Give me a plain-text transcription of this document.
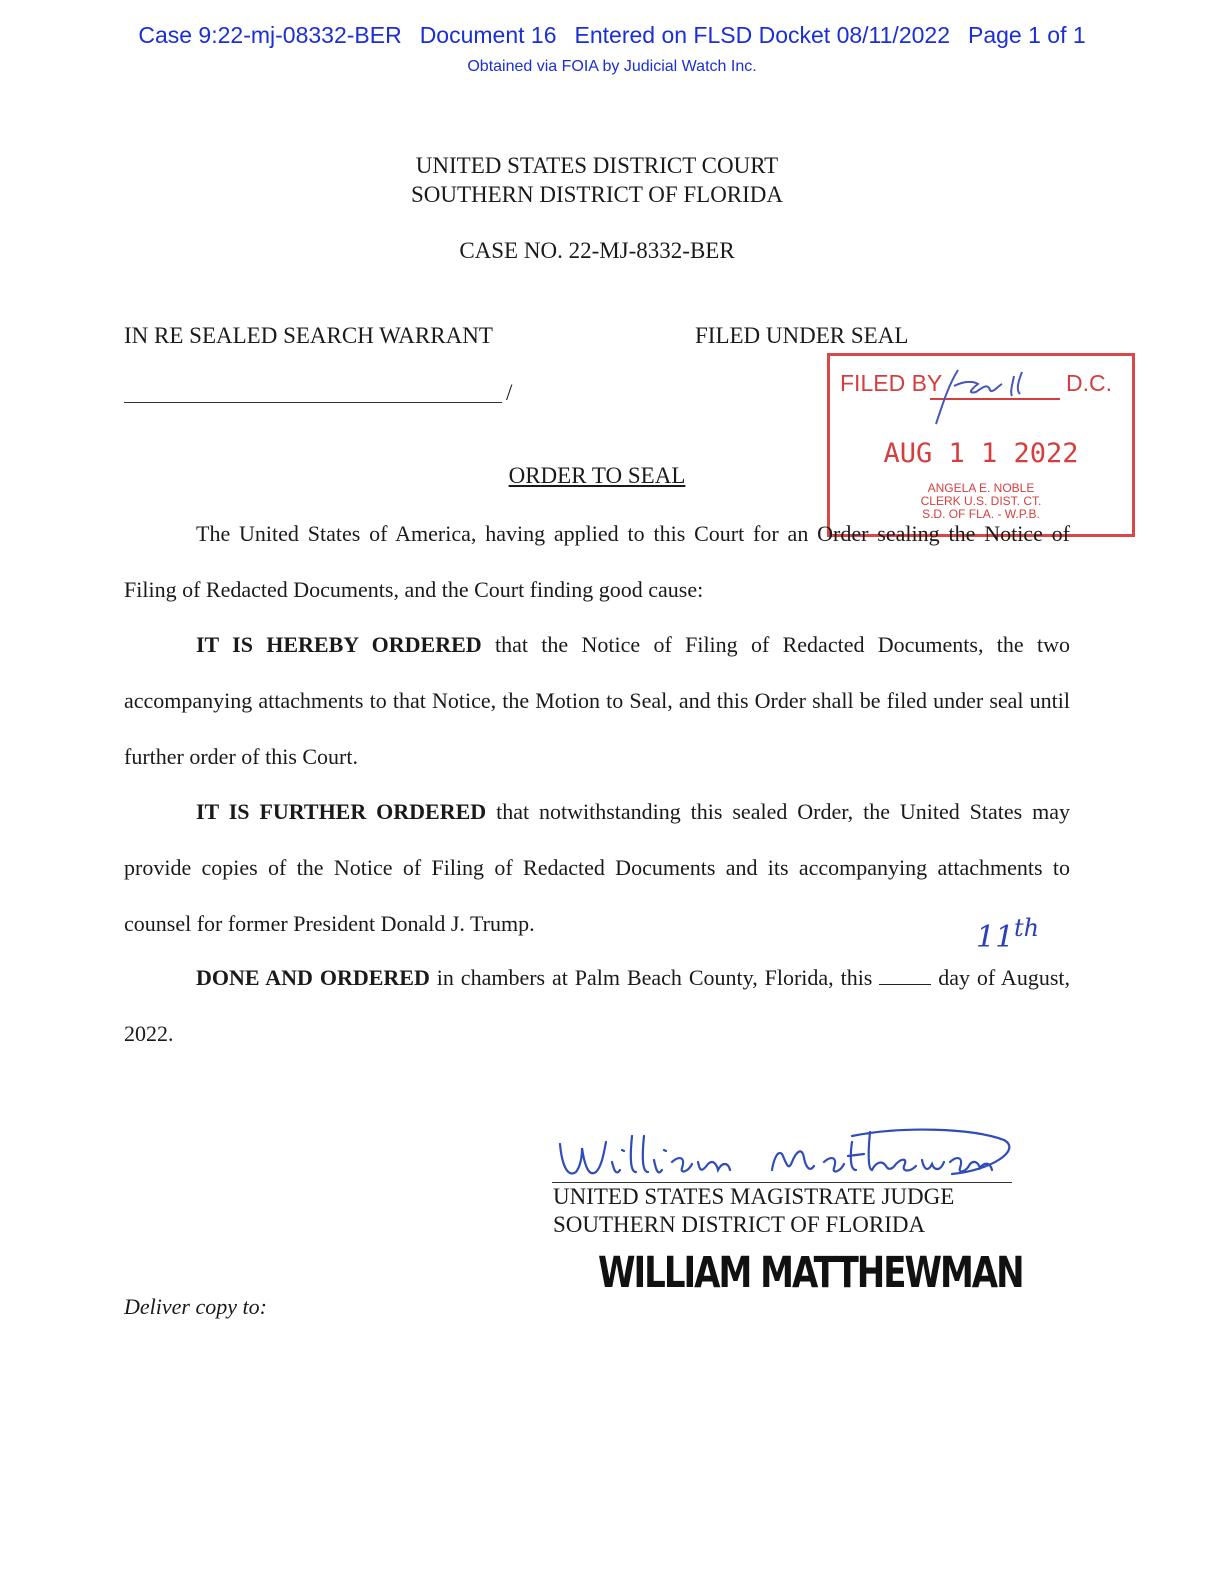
Case 9:22-mj-08332-BER Document 16 Entered on FLSD Docket 08/11/2022 Page 1 of 1
Obtained via FOIA by Judicial Watch Inc.
UNITED STATES DISTRICT COURT
SOUTHERN DISTRICT OF FLORIDA
CASE NO. 22-MJ-8332-BER
IN RE SEALED SEARCH WARRANT	FILED UNDER SEAL
/	FILED BY	D.C.
AUG 1 1 2022
ANGELA E. NOBLE
CLERK U.S. DIST. CT.
S.D. OF FLA. - W.P.B.
ORDER TO SEAL
The United States of America, having applied to this Court for an Order sealing the Notice of Filing of Redacted Documents, and the Court finding good cause:
IT IS HEREBY ORDERED that the Notice of Filing of Redacted Documents, the two accompanying attachments to that Notice, the Motion to Seal, and this Order shall be filed under seal until further order of this Court.
IT IS FURTHER ORDERED that notwithstanding this sealed Order, the United States may provide copies of the Notice of Filing of Redacted Documents and its accompanying attachments to counsel for former President Donald J. Trump.
DONE AND ORDERED in chambers at Palm Beach County, Florida, this	day of August, 2022.
11 th
UNITED STATES MAGISTRATE JUDGE
SOUTHERN DISTRICT OF FLORIDA
WILLIAM MATTHEWMAN
Deliver copy to:
